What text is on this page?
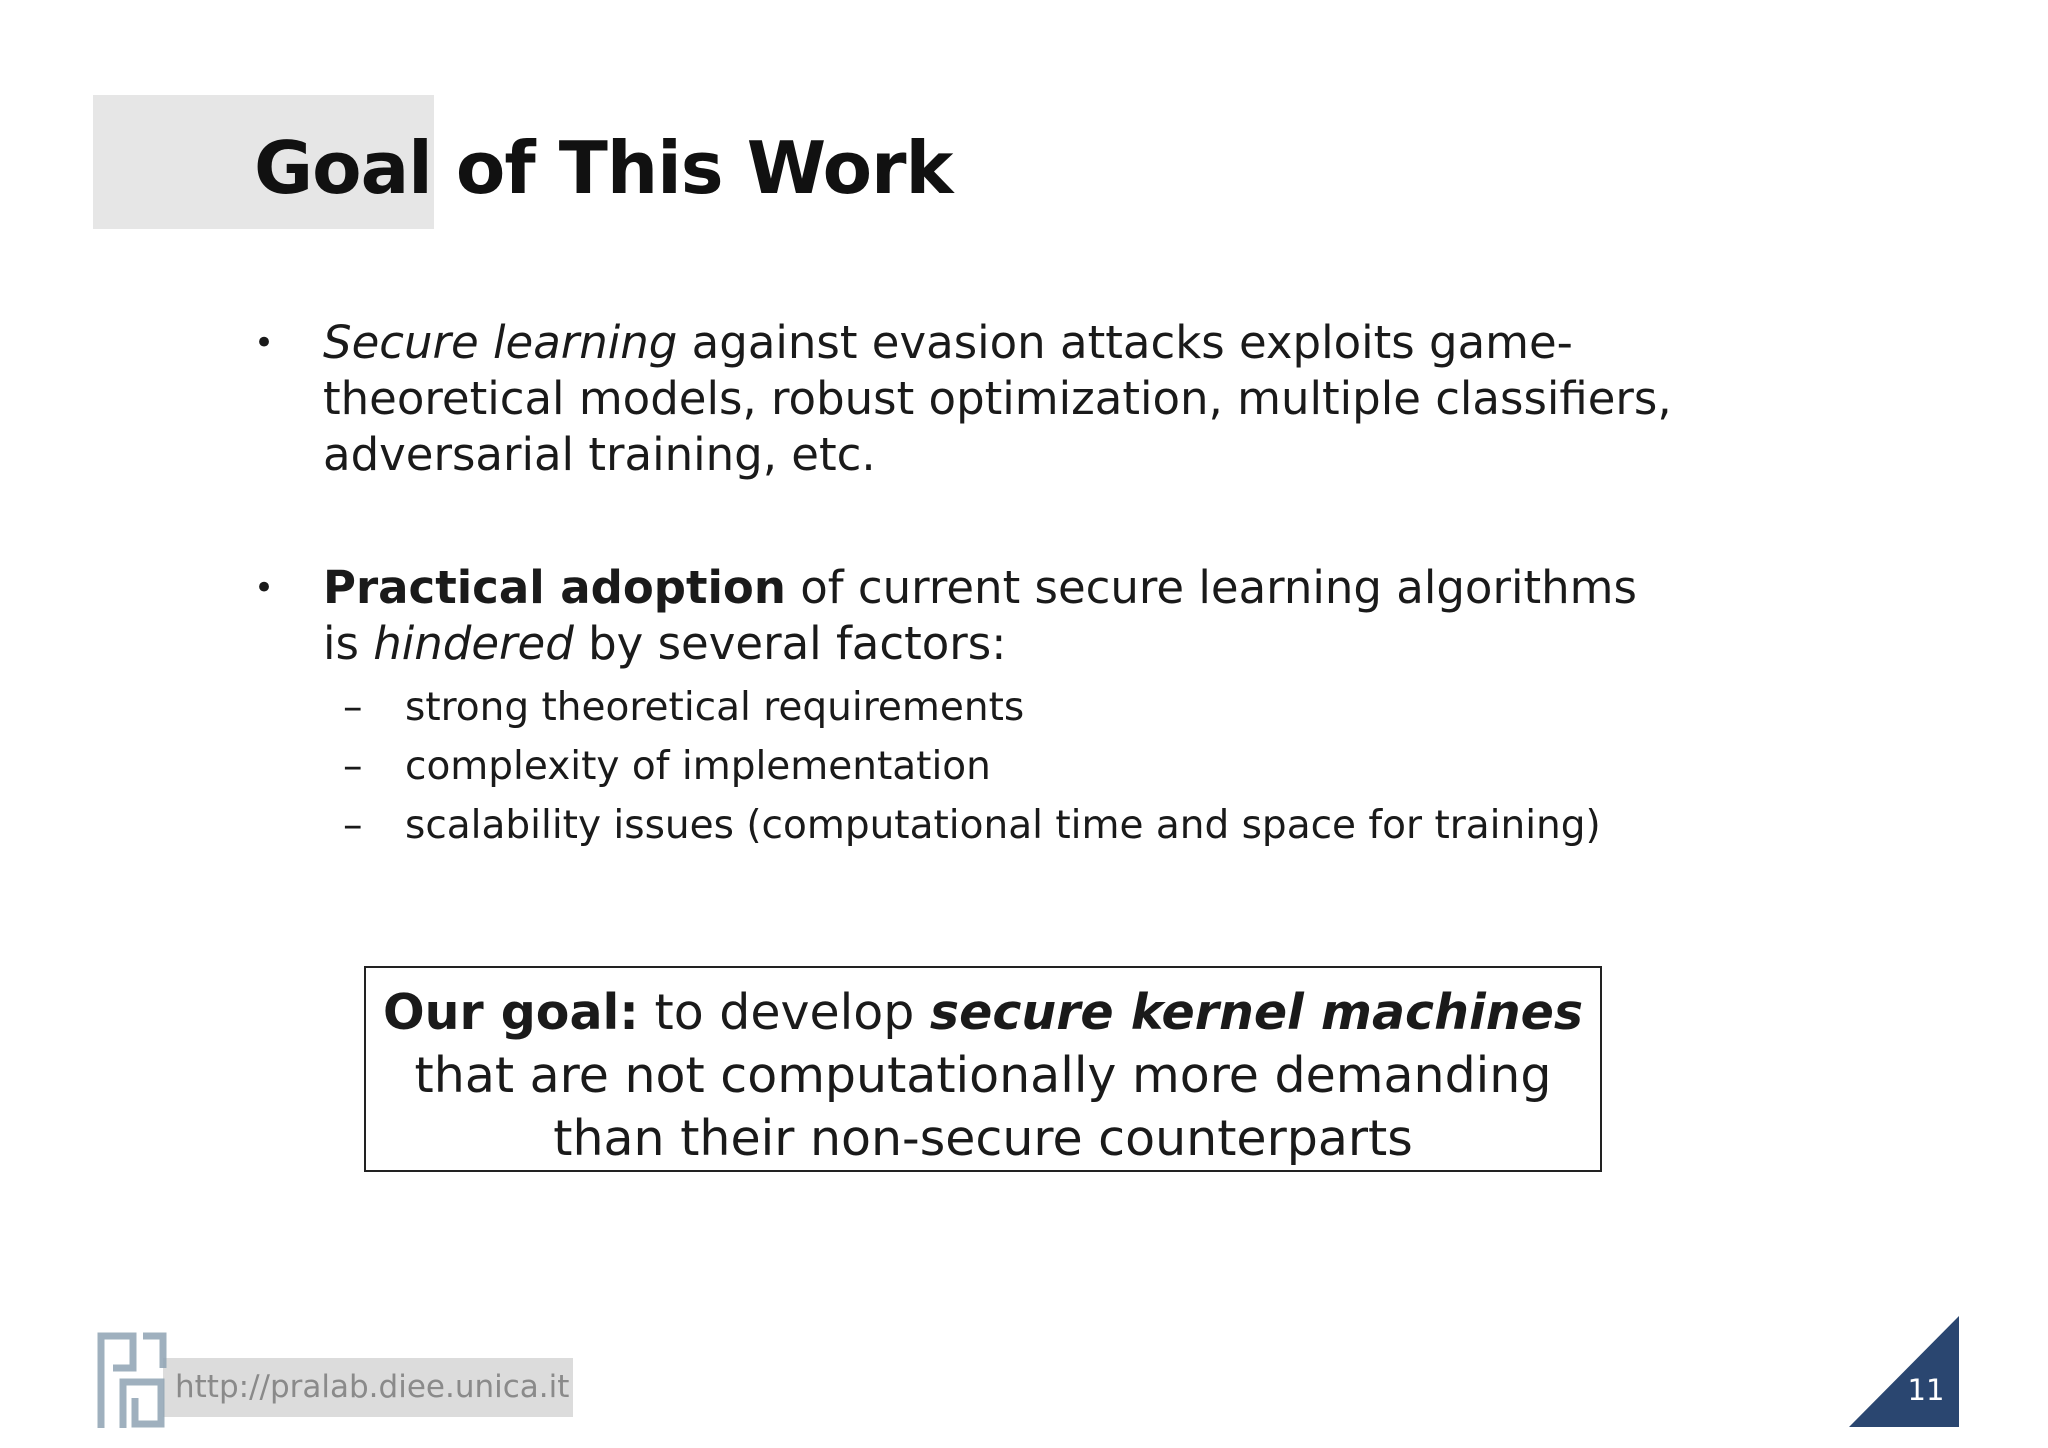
Goal of This Work
•	Secure learning against evasion attacks exploits game-theoretical models, robust optimization, multiple classifiers, adversarial training, etc.
•	Practical adoption of current secure learning algorithms is hindered by several factors:
– strong theoretical requirements
– complexity of implementation
– scalability issues (computational time and space for training)
Our goal: to develop secure kernel machines
that are not computationally more demanding
than their non-secure counterparts
http://pralab.diee.unica.it	11
